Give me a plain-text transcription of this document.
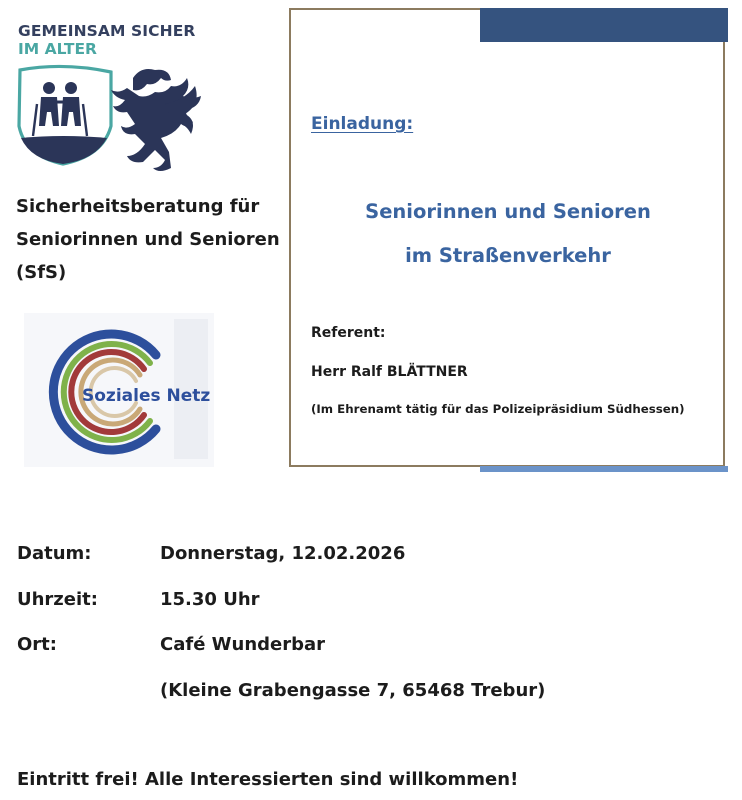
GEMEINSAM SICHER
IM ALTER
Sicherheitsberatung für
Seniorinnen und Senioren
(SfS)
Soziales Netz
Einladung:
Seniorinnen und Senioren
im Straßenverkehr
Referent:
Herr Ralf BLÄTTNER
(Im Ehrenamt tätig für das Polizeipräsidium Südhessen)
Datum:	Donnerstag, 12.02.2026
Uhrzeit:	15.30 Uhr
Ort:	Café Wunderbar
(Kleine Grabengasse 7, 65468 Trebur)
Eintritt frei! Alle Interessierten sind willkommen!
